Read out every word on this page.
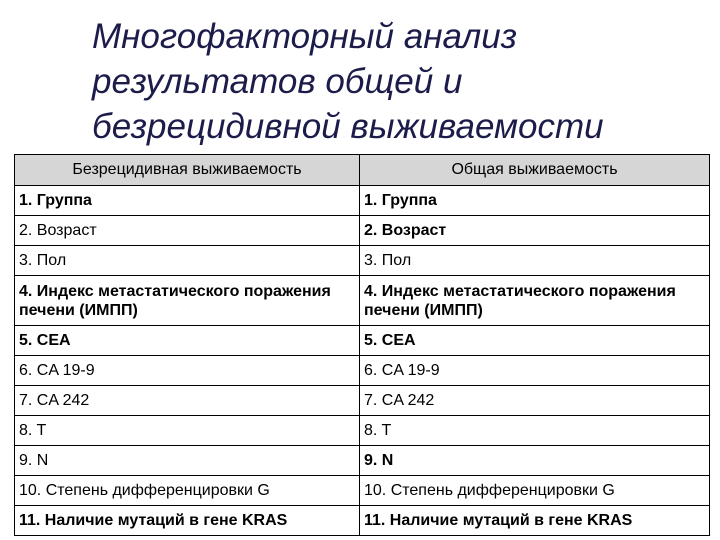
Многофакторный анализ результатов общей и безрецидивной выживаемости
Безрецидивная выживаемость	Общая выживаемость
1. Группа	1. Группа
2. Возраст	2. Возраст
3. Пол	3. Пол
4. Индекс метастатического поражения печени (ИМПП)	4. Индекс метастатического поражения печени (ИМПП)
5. CEA	5. CEA
6. CA 19-9	6. CA 19-9
7. CA 242	7. CA 242
8. T	8. T
9. N	9. N
10. Степень дифференцировки G	10. Степень дифференцировки G
11. Наличие мутаций в гене KRAS	11. Наличие мутаций в гене KRAS
